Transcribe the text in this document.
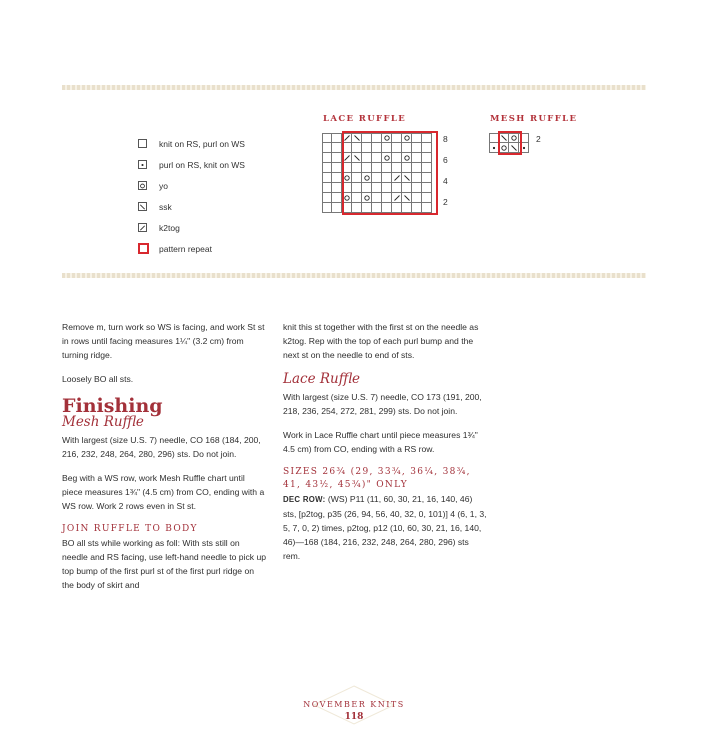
knit on RS, purl on WS
purl on RS, knit on WS
yo
ssk
k2tog
pattern repeat
LACE RUFFLE	MESH RUFFLE
8
6
4
2
2

Remove m, turn work so WS is facing, and work St st in rows until facing measures 1¼" (3.2 cm) from turning ridge.

Loosely BO all sts.

Finishing
Mesh Ruffle

With largest (size U.S. 7) needle, CO 168 (184, 200, 216, 232, 248, 264, 280, 296) sts. Do not join.

Beg with a WS row, work Mesh Ruffle chart until piece measures 1¾" (4.5 cm) from CO, ending with a WS row. Work 2 rows even in St st.

JOIN RUFFLE TO BODY

BO all sts while working as foll: With sts still on needle and RS facing, use left-hand needle to pick up top bump of the first purl st of the first purl ridge on the body of skirt and

knit this st together with the first st on the needle as k2tog. Rep with the top of each purl bump and the next st on the needle to end of sts.

Lace Ruffle

With largest (size U.S. 7) needle, CO 173 (191, 200, 218, 236, 254, 272, 281, 299) sts. Do not join.

Work in Lace Ruffle chart until piece measures 1¾" 4.5 cm) from CO, ending with a RS row.

SIZES 26¾ (29, 33¾, 36¼, 38¾, 41, 43½, 45¾)" ONLY

DEC ROW: (WS) P11 (11, 60, 30, 21, 16, 140, 46) sts, [p2tog, p35 (26, 94, 56, 40, 32, 0, 101)] 4 (6, 1, 3, 5, 7, 0, 2) times, p2tog, p12 (10, 60, 30, 21, 16, 140, 46)—168 (184, 216, 232, 248, 264, 280, 296) sts rem.

NOVEMBER KNITS
118
